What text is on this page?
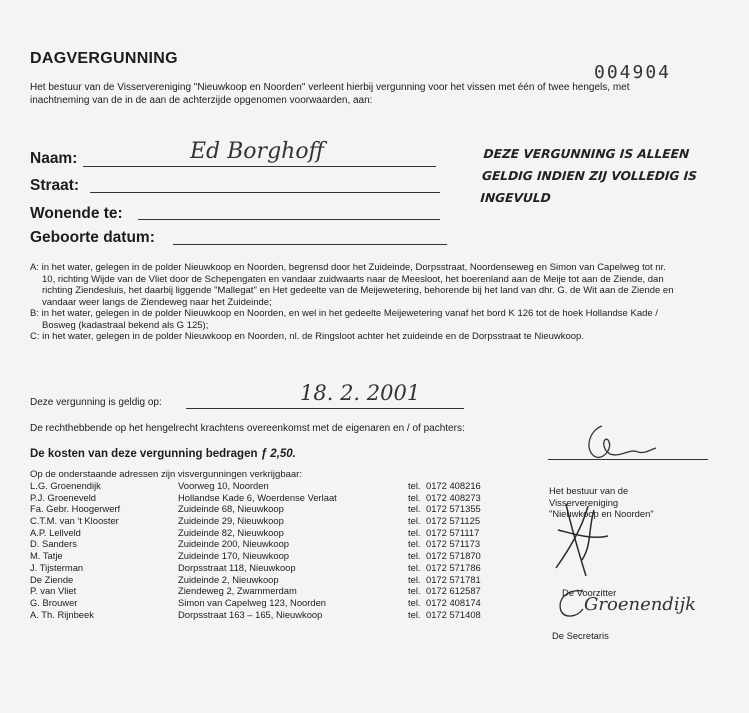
DAGVERGUNNING
004904
Het bestuur van de Visservereniging "Nieuwkoop en Noorden" verleent hierbij vergunning voor het vissen met één of twee hengels, met inachtneming van de in de aan de achterzijde opgenomen voorwaarden, aan:
Naam:	Ed Borghoff
Straat:
Wonende te:
Geboorte datum:
DEZE VERGUNNING IS ALLEEN
GELDIG INDIEN ZIJ VOLLEDIG IS
INGEVULD
A: in het water, gelegen in de polder Nieuwkoop en Noorden, begrensd door het Zuideinde, Dorpsstraat, Noordenseweg en Simon van Capelweg tot nr. 10, richting Wijde van de Vliet door de Schepengaten en vandaar zuidwaarts naar de Meesloot, het boerenland aan de Meije tot aan de Ziende, dan richting Ziendesluis, het daarbij liggende "Mallegat" en Het gedeelte van de Meijewetering, behorende bij het land van dhr. G. de Wit aan de Ziende en vandaar weer langs de Ziendeweg naar het Zuideinde;
B: in het water, gelegen in de polder Nieuwkoop en Noorden, en wel in het gedeelte Meijewetering vanaf het bord K 126 tot de hoek Hollandse Kade / Bosweg (kadastraal bekend als G 125);
C: in het water, gelegen in de polder Nieuwkoop en Noorden, nl. de Ringsloot achter het zuideinde en de Dorpsstraat te Nieuwkoop.
Deze vergunning is geldig op:	18. 2. 2001
De rechthebbende op het hengelrecht krachtens overeenkomst met de eigenaren en / of pachters:
De kosten van deze vergunning bedragen ƒ 2,50.
Op de onderstaande adressen zijn visvergunningen verkrijgbaar:
L.G. Groenendijk	Voorweg 10, Noorden	tel. 0172 408216
P.J. Groeneveld	Hollandse Kade 6, Woerdense Verlaat	tel. 0172 408273
Fa. Gebr. Hoogerwerf	Zuideinde 68, Nieuwkoop	tel. 0172 571355
C.T.M. van 't Klooster	Zuideinde 29, Nieuwkoop	tel. 0172 571125
A.P. Lellveld	Zuideinde 82, Nieuwkoop	tel. 0172 571117
D. Sanders	Zuideinde 200, Nieuwkoop	tel. 0172 571173
M. Tatje	Zuideinde 170, Nieuwkoop	tel. 0172 571870
J. Tijsterman	Dorpsstraat 118, Nieuwkoop	tel. 0172 571786
De Ziende	Zuideinde 2, Nieuwkoop	tel. 0172 571781
P. van Vliet	Ziendeweg 2, Zwammerdam	tel. 0172 612587
G. Brouwer	Simon van Capelweg 123, Noorden	tel. 0172 408174
A. Th. Rijnbeek	Dorpsstraat 163 – 165, Nieuwkoop	tel. 0172 571408
Het bestuur van de
Visservereniging
"Nieuwkoop en Noorden"
De Voorzitter
Groenendijk
De Secretaris
